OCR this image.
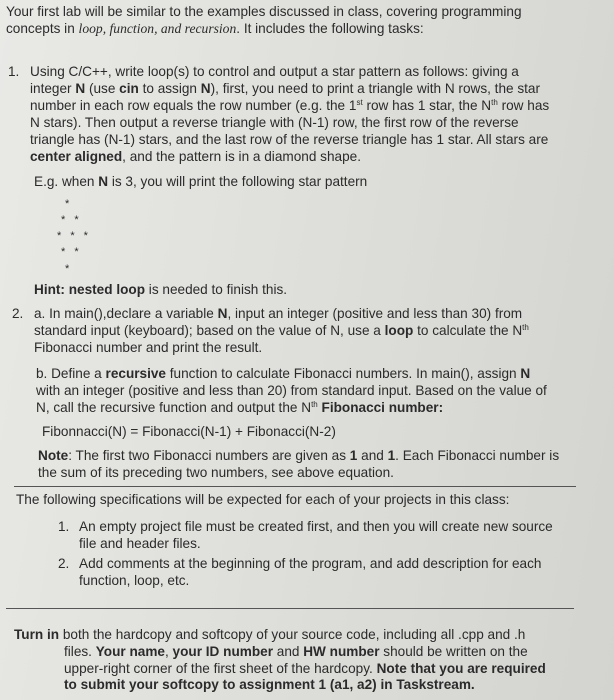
Your first lab will be similar to the examples discussed in class, covering programming

concepts in loop, function, and recursion. It includes the following tasks:

1. Using C/C++, write loop(s) to control and output a star pattern as follows: giving a

integer N (use cin to assign N), first, you need to print a triangle with N rows, the star

number in each row equals the row number (e.g. the 1st row has 1 star, the $N^{th}$ row has

N stars). Then output a reverse triangle with (N-1) row, the first row of the reverse

triangle has (N-1) stars, and the last row of the reverse triangle has 1 star. All stars are

center aligned, and the pattern is in a diamond shape.

E.g. when N is 3, you will print the following star pattern

*
* *
* * *
* *
*

Hint: nested loop is needed to finish this.

2. a. In main(),declare a variable N, input an integer (positive and less than 30) from

standard input (keyboard); based on the value of N, use a loop to calculate the $N^{th}$

Fibonacci number and print the result.

b. Define a recursive function to calculate Fibonacci numbers. In main(), assign N

with an integer (positive and less than 20) from standard input. Based on the value of

N, call the recursive function and output the $N^{th}$ Fibonacci number:

Fibonnacci(N) = Fibonacci(N-1) + Fibonacci(N-2)

Note: The first two Fibonacci numbers are given as 1 and 1. Each Fibonacci number is

the sum of its preceding two numbers, see above equation.

The following specifications will be expected for each of your projects in this class:

1. An empty project file must be created first, and then you will create new source

file and header files.

2. Add comments at the beginning of the program, and add description for each

function, loop, etc.

Turn in both the hardcopy and softcopy of your source code, including all .cpp and .h

files. Your name, your ID number and HW number should be written on the

upper-right corner of the first sheet of the hardcopy. Note that you are required

to submit your softcopy to assignment 1 (a1, a2) in Taskstream.
